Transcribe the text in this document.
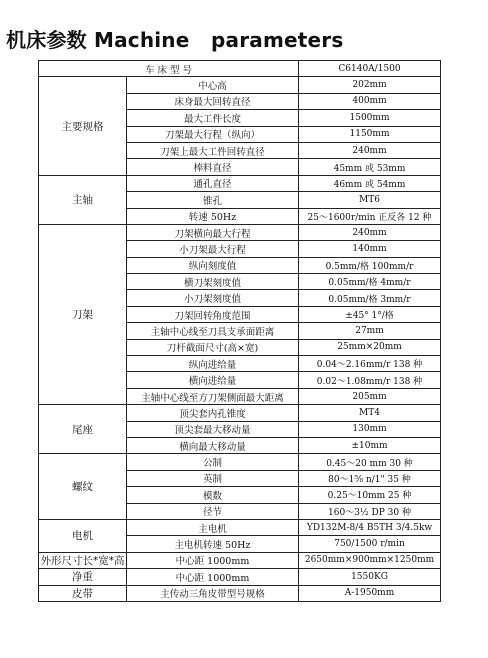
机床参数 Machine   parameters
车 床 型 号		C6140A/1500
主要规格	中心高	202mm
	床身最大回转直径	400mm
	最大工件长度	1500mm
	刀架最大行程（纵向）	1150mm
	刀架上最大工件回转直径	240mm
	棒料直径	45mm 或 53mm
主轴	通孔直径	46mm 或 54mm
	锥孔	MT6
	转速 50Hz	25～1600r/min 正反各 12 种
刀架	刀架横向最大行程	240mm
	小刀架最大行程	140mm
	纵向刻度值	0.5mm/格 100mm/r
	横刀架刻度值	0.05mm/格 4mm/r
	小刀架刻度值	0.05mm/格 3mm/r
	刀架回转角度范围	±45° 1°/格
	主轴中心线至刀具支承面距离	27mm
	刀杆截面尺寸(高×宽)	25mm×20mm
	纵向进给量	0.04～2.16mm/r 138 种
	横向进给量	0.02～1.08mm/r 138 种
	主轴中心线至方刀架侧面最大距离	205mm
尾座	顶尖套内孔锥度	MT4
	顶尖套最大移动量	130mm
	横向最大移动量	±10mm
螺纹	公制	0.45～20 mm 30 种
	英制	80～1⅝ n/1" 35 种
	模数	0.25～10mm 25 种
	径节	160～3½ DP 30 种
电机	主电机	YD132M-8/4 B5TH 3/4.5kw
	主电机转速 50Hz	750/1500 r/min
外形尺寸长*宽*高	中心距 1000mm	2650mm×900mm×1250mm
净重	中心距 1000mm	1550KG
皮带	主传动三角皮带型号规格	A-1950mm
